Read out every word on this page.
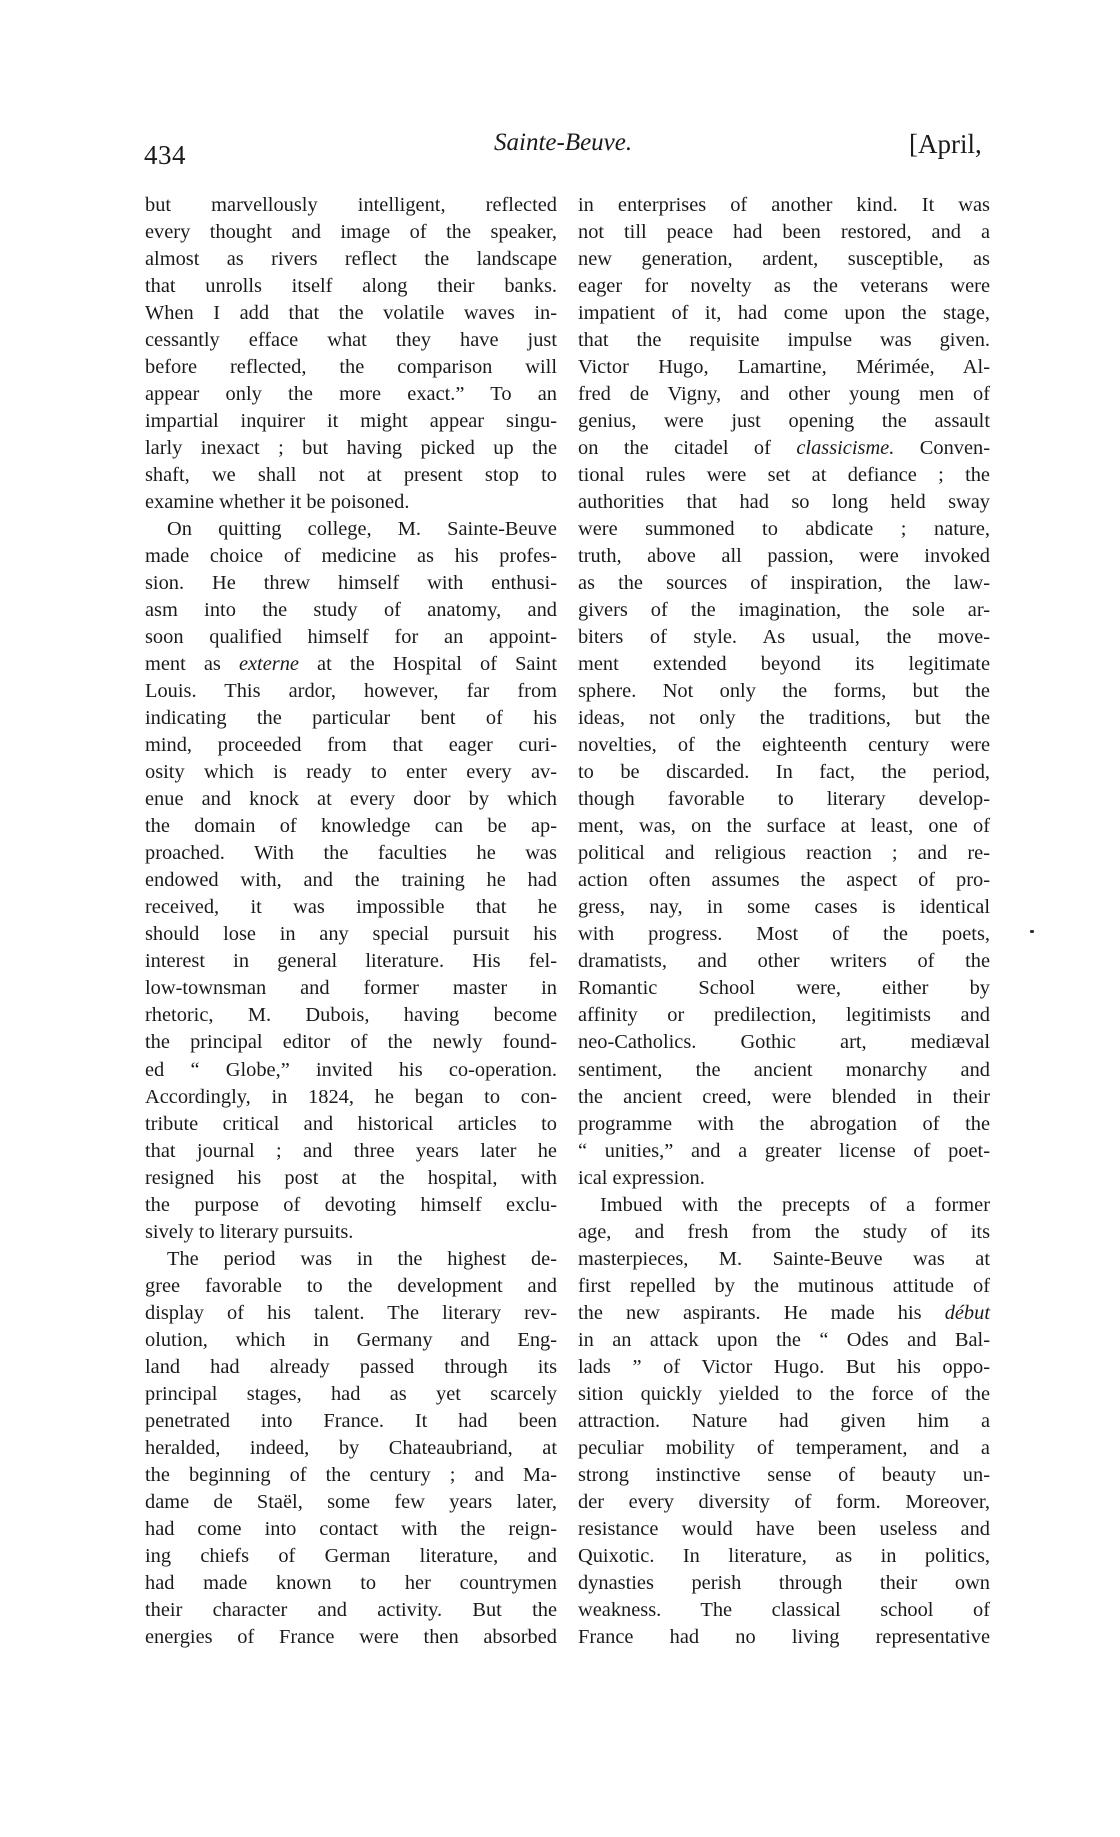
434	Sainte-Beuve.	[April,
but marvellously intelligent, reflected
every thought and image of the speaker,
almost as rivers reflect the landscape
that unrolls itself along their banks.
When I add that the volatile waves in-
cessantly efface what they have just
before reflected, the comparison will
appear only the more exact.” To an
impartial inquirer it might appear singu-
larly inexact ; but having picked up the
shaft, we shall not at present stop to
examine whether it be poisoned.
On quitting college, M. Sainte-Beuve
made choice of medicine as his profes-
sion. He threw himself with enthusi-
asm into the study of anatomy, and
soon qualified himself for an appoint-
ment as externe at the Hospital of Saint
Louis. This ardor, however, far from
indicating the particular bent of his
mind, proceeded from that eager curi-
osity which is ready to enter every av-
enue and knock at every door by which
the domain of knowledge can be ap-
proached. With the faculties he was
endowed with, and the training he had
received, it was impossible that he
should lose in any special pursuit his
interest in general literature. His fel-
low-townsman and former master in
rhetoric, M. Dubois, having become
the principal editor of the newly found-
ed “ Globe,” invited his co-operation.
Accordingly, in 1824, he began to con-
tribute critical and historical articles to
that journal ; and three years later he
resigned his post at the hospital, with
the purpose of devoting himself exclu-
sively to literary pursuits.
The period was in the highest de-
gree favorable to the development and
display of his talent. The literary rev-
olution, which in Germany and Eng-
land had already passed through its
principal stages, had as yet scarcely
penetrated into France. It had been
heralded, indeed, by Chateaubriand, at
the beginning of the century ; and Ma-
dame de Staël, some few years later,
had come into contact with the reign-
ing chiefs of German literature, and
had made known to her countrymen
their character and activity. But the
energies of France were then absorbed
in enterprises of another kind. It was
not till peace had been restored, and a
new generation, ardent, susceptible, as
eager for novelty as the veterans were
impatient of it, had come upon the stage,
that the requisite impulse was given.
Victor Hugo, Lamartine, Mérimée, Al-
fred de Vigny, and other young men of
genius, were just opening the assault
on the citadel of classicisme. Conven-
tional rules were set at defiance ; the
authorities that had so long held sway
were summoned to abdicate ; nature,
truth, above all passion, were invoked
as the sources of inspiration, the law-
givers of the imagination, the sole ar-
biters of style. As usual, the move-
ment extended beyond its legitimate
sphere. Not only the forms, but the
ideas, not only the traditions, but the
novelties, of the eighteenth century were
to be discarded. In fact, the period,
though favorable to literary develop-
ment, was, on the surface at least, one of
political and religious reaction ; and re-
action often assumes the aspect of pro-
gress, nay, in some cases is identical
with progress. Most of the poets,
dramatists, and other writers of the
Romantic School were, either by
affinity or predilection, legitimists and
neo-Catholics. Gothic art, mediæval
sentiment, the ancient monarchy and
the ancient creed, were blended in their
programme with the abrogation of the
“ unities,” and a greater license of poet-
ical expression.
Imbued with the precepts of a former
age, and fresh from the study of its
masterpieces, M. Sainte-Beuve was at
first repelled by the mutinous attitude of
the new aspirants. He made his début
in an attack upon the “ Odes and Bal-
lads ” of Victor Hugo. But his oppo-
sition quickly yielded to the force of the
attraction. Nature had given him a
peculiar mobility of temperament, and a
strong instinctive sense of beauty un-
der every diversity of form. Moreover,
resistance would have been useless and
Quixotic. In literature, as in politics,
dynasties perish through their own
weakness. The classical school of
France had no living representative
